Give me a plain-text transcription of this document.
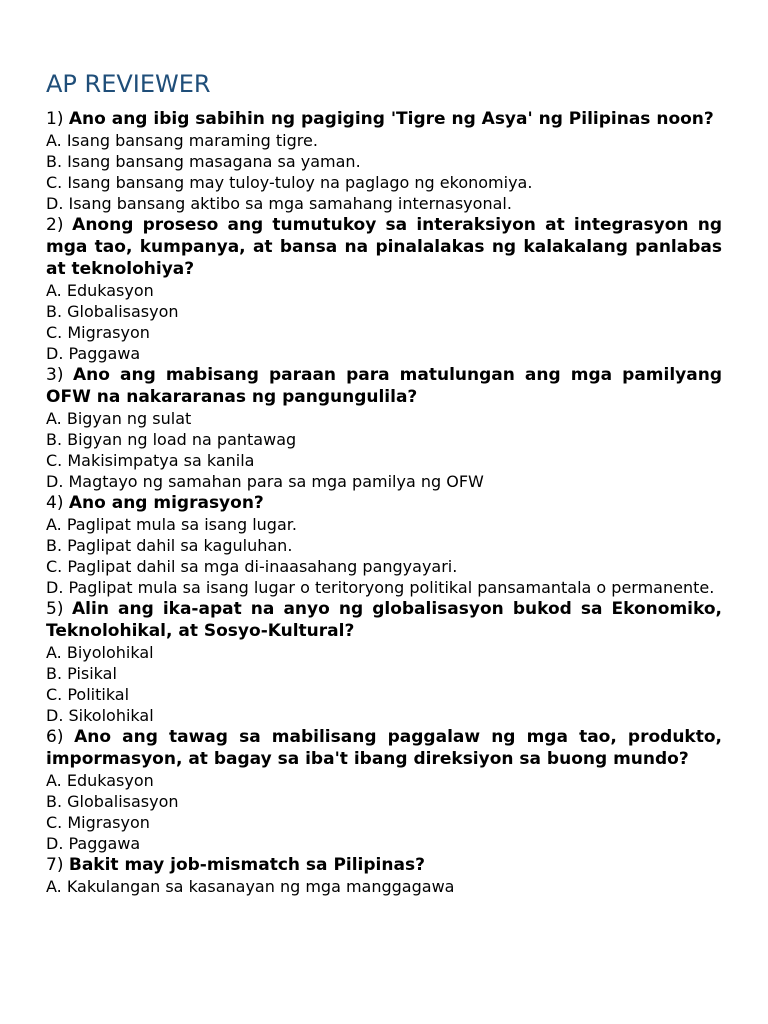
AP REVIEWER

1) Ano ang ibig sabihin ng pagiging 'Tigre ng Asya' ng Pilipinas noon?

A. Isang bansang maraming tigre.

B. Isang bansang masagana sa yaman.

C. Isang bansang may tuloy-tuloy na paglago ng ekonomiya.

D. Isang bansang aktibo sa mga samahang internasyonal.

2) Anong proseso ang tumutukoy sa interaksiyon at integrasyon ng mga tao, kumpanya, at bansa na pinalalakas ng kalakalang panlabas at teknolohiya?

A. Edukasyon

B. Globalisasyon

C. Migrasyon

D. Paggawa

3) Ano ang mabisang paraan para matulungan ang mga pamilyang OFW na nakararanas ng pangungulila?

A. Bigyan ng sulat

B. Bigyan ng load na pantawag

C. Makisimpatya sa kanila

D. Magtayo ng samahan para sa mga pamilya ng OFW

4) Ano ang migrasyon?

A. Paglipat mula sa isang lugar.

B. Paglipat dahil sa kaguluhan.

C. Paglipat dahil sa mga di-inaasahang pangyayari.

D. Paglipat mula sa isang lugar o teritoryong politikal pansamantala o permanente.

5) Alin ang ika-apat na anyo ng globalisasyon bukod sa Ekonomiko, Teknolohikal, at Sosyo-Kultural?

A. Biyolohikal

B. Pisikal

C. Politikal

D. Sikolohikal

6) Ano ang tawag sa mabilisang paggalaw ng mga tao, produkto, impormasyon, at bagay sa iba't ibang direksiyon sa buong mundo?

A. Edukasyon

B. Globalisasyon

C. Migrasyon

D. Paggawa

7) Bakit may job-mismatch sa Pilipinas?

A. Kakulangan sa kasanayan ng mga manggagawa
